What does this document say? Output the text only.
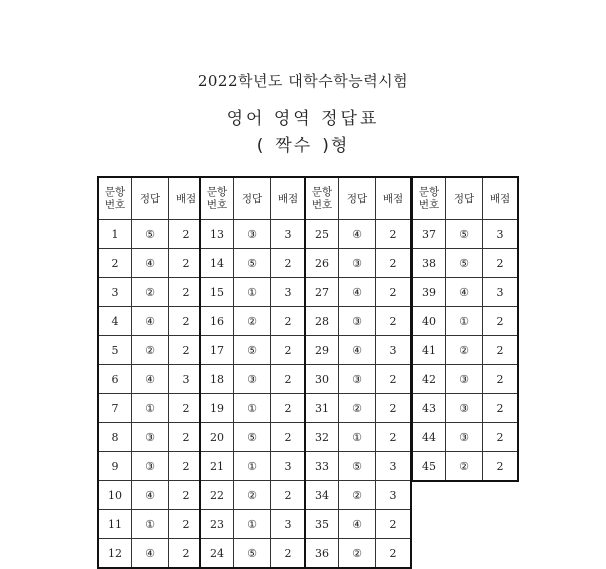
2022학년도 대학수학능력시험
영어 영역 정답표
( 짝수 )형
문항
번호	정답	배점
1	⑤	2
2	④	2
3	②	2
4	④	2
5	②	2
6	④	3
7	①	2
8	③	2
9	③	2
10	④	2
11	①	2
12	④	2
문항
번호	정답	배점
13	③	3
14	⑤	2
15	①	3
16	②	2
17	⑤	2
18	③	2
19	①	2
20	⑤	2
21	①	3
22	②	2
23	①	3
24	⑤	2
문항
번호	정답	배점
25	④	2
26	③	2
27	④	2
28	③	2
29	④	3
30	③	2
31	②	2
32	①	2
33	⑤	3
34	②	3
35	④	2
36	②	2
문항
번호	정답	배점
37	⑤	3
38	⑤	2
39	④	3
40	①	2
41	②	2
42	③	2
43	③	2
44	③	2
45	②	2
